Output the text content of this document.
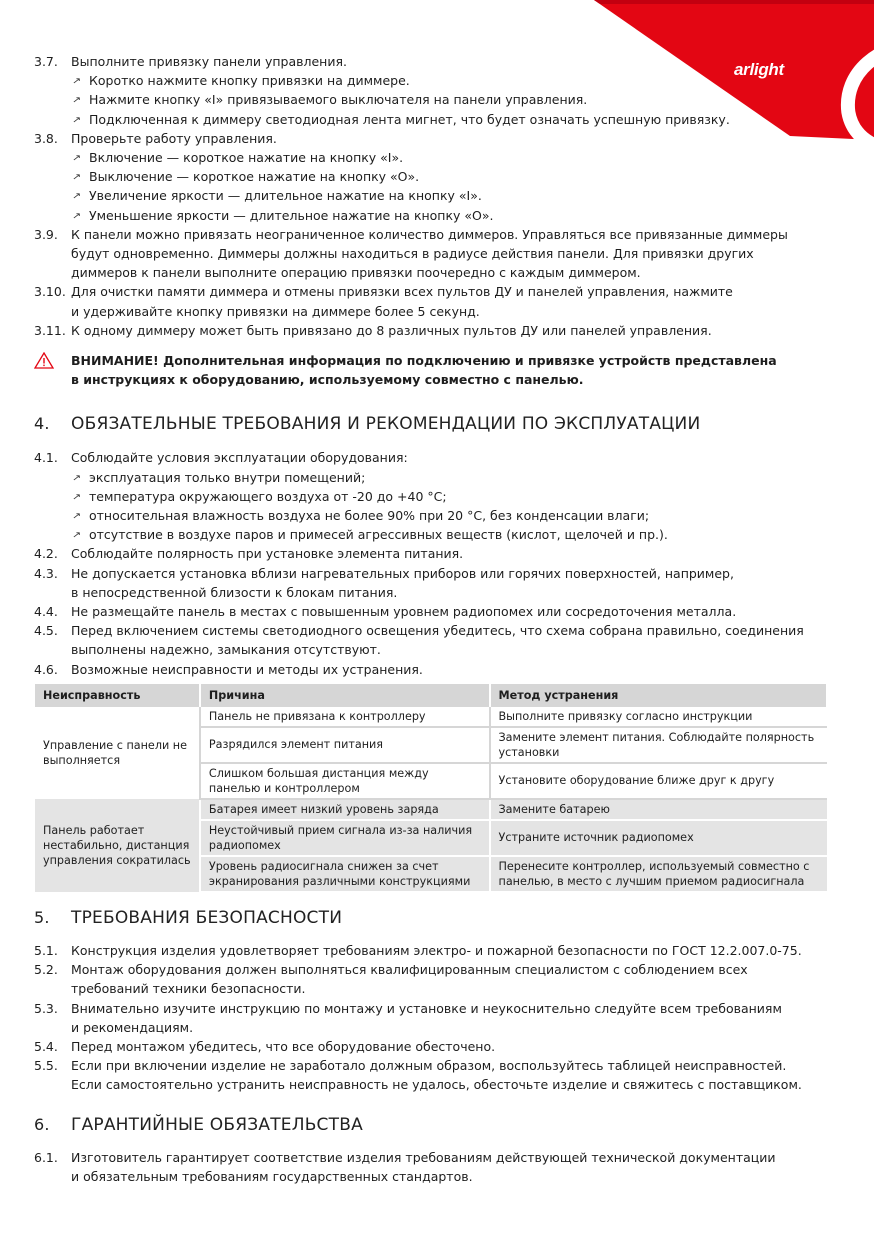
arlight
3.7.	Выполните привязку панели управления.
↗ Коротко нажмите кнопку привязки на диммере.
↗ Нажмите кнопку «I» привязываемого выключателя на панели управления.
↗ Подключенная к диммеру светодиодная лента мигнет, что будет означать успешную привязку.
3.8.	Проверьте работу управления.
↗ Включение — короткое нажатие на кнопку «I».
↗ Выключение — короткое нажатие на кнопку «O».
↗ Увеличение яркости — длительное нажатие на кнопку «I».
↗ Уменьшение яркости — длительное нажатие на кнопку «O».
3.9.	К панели можно привязать неограниченное количество диммеров. Управляться все привязанные диммеры
будут одновременно. Диммеры должны находиться в радиусе действия панели. Для привязки других
диммеров к панели выполните операцию привязки поочередно с каждым диммером.
3.10. Для очистки памяти диммера и отмены привязки всех пультов ДУ и панелей управления, нажмите
и удерживайте кнопку привязки на диммере более 5 секунд.
3.11. К одному диммеру может быть привязано до 8 различных пультов ДУ или панелей управления.
ВНИМАНИЕ! Дополнительная информация по подключению и привязке устройств представлена
в инструкциях к оборудованию, используемому совместно с панелью.
4.	ОБЯЗАТЕЛЬНЫЕ ТРЕБОВАНИЯ И РЕКОМЕНДАЦИИ ПО ЭКСПЛУАТАЦИИ
4.1.	Соблюдайте условия эксплуатации оборудования:
↗ эксплуатация только внутри помещений;
↗ температура окружающего воздуха от -20 до +40 °C;
↗ относительная влажность воздуха не более 90% при 20 °C, без конденсации влаги;
↗ отсутствие в воздухе паров и примесей агрессивных веществ (кислот, щелочей и пр.).
4.2.	Соблюдайте полярность при установке элемента питания.
4.3.	Не допускается установка вблизи нагревательных приборов или горячих поверхностей, например,
в непосредственной близости к блокам питания.
4.4.	Не размещайте панель в местах с повышенным уровнем радиопомех или сосредоточения металла.
4.5.	Перед включением системы светодиодного освещения убедитесь, что схема собрана правильно, соединения
выполнены надежно, замыкания отсутствуют.
4.6.	Возможные неисправности и методы их устранения.
Неисправность	Причина	Метод устранения
Управление с панели не выполняется	Панель не привязана к контроллеру	Выполните привязку согласно инструкции
	Разрядился элемент питания	Замените элемент питания. Соблюдайте полярность установки
	Слишком большая дистанция между панелью и контроллером	Установите оборудование ближе друг к другу
Панель работает нестабильно, дистанция управления сократилась	Батарея имеет низкий уровень заряда	Замените батарею
	Неустойчивый прием сигнала из-за наличия радиопомех	Устраните источник радиопомех
	Уровень радиосигнала снижен за счет экранирования различными конструкциями	Перенесите контроллер, используемый совместно с панелью, в место с лучшим приемом радиосигнала
5.	ТРЕБОВАНИЯ БЕЗОПАСНОСТИ
5.1.	Конструкция изделия удовлетворяет требованиям электро- и пожарной безопасности по ГОСТ 12.2.007.0-75.
5.2.	Монтаж оборудования должен выполняться квалифицированным специалистом с соблюдением всех
требований техники безопасности.
5.3.	Внимательно изучите инструкцию по монтажу и установке и неукоснительно следуйте всем требованиям
и рекомендациям.
5.4.	Перед монтажом убедитесь, что все оборудование обесточено.
5.5.	Если при включении изделие не заработало должным образом, воспользуйтесь таблицей неисправностей.
Если самостоятельно устранить неисправность не удалось, обесточьте изделие и свяжитесь с поставщиком.
6.	ГАРАНТИЙНЫЕ ОБЯЗАТЕЛЬСТВА
6.1.	Изготовитель гарантирует соответствие изделия требованиям действующей технической документации
и обязательным требованиям государственных стандартов.
